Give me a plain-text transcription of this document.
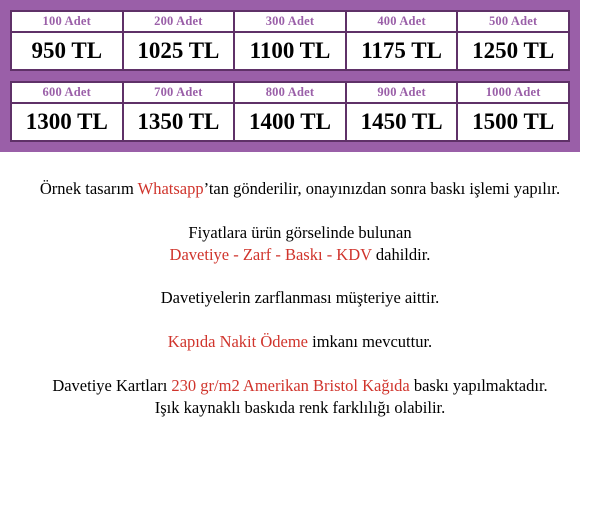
100 Adet	200 Adet	300 Adet	400 Adet	500 Adet
950 TL	1025 TL	1100 TL	1175 TL	1250 TL
600 Adet	700 Adet	800 Adet	900 Adet	1000 Adet
1300 TL	1350 TL	1400 TL	1450 TL	1500 TL

Örnek tasarım Whatsapp’tan gönderilir, onayınızdan sonra baskı işlemi yapılır.

Fiyatlara ürün görselinde bulunan
Davetiye - Zarf - Baskı - KDV dahildir.

Davetiyelerin zarflanması müşteriye aittir.

Kapıda Nakit Ödeme imkanı mevcuttur.

Davetiye Kartları 230 gr/m2 Amerikan Bristol Kağıda baskı yapılmaktadır.
Işık kaynaklı baskıda renk farklılığı olabilir.
